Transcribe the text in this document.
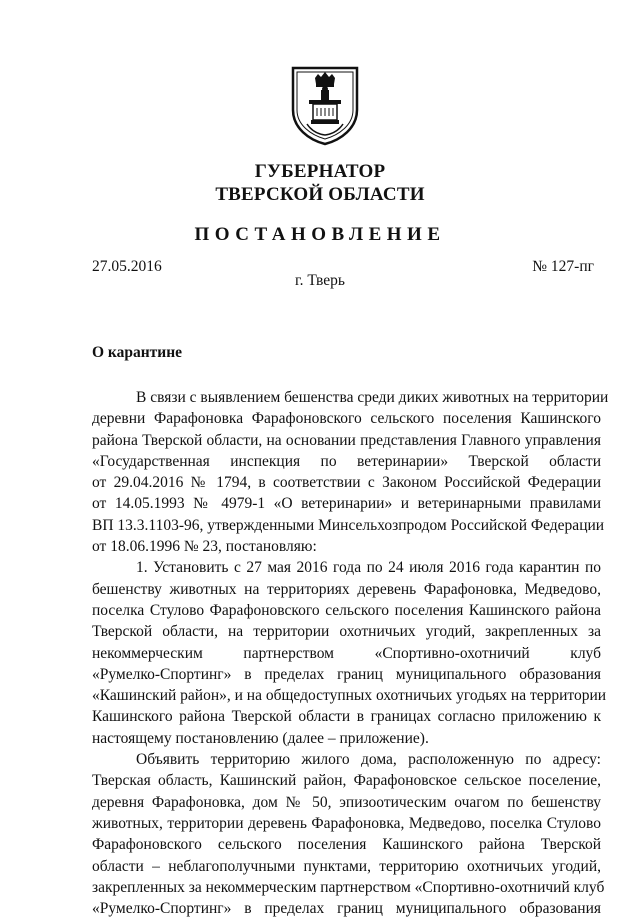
ГУБЕРНАТОР
ТВЕРСКОЙ ОБЛАСТИ
ПОСТАНОВЛЕНИЕ
27.05.2016	№ 127-пг
г. Тверь
О карантине
В связи с выявлением бешенства среди диких животных на территории
деревни Фарафоновка Фарафоновского сельского поселения Кашинского
района Тверской области, на основании представления Главного управления
«Государственная инспекция по ветеринарии» Тверской области
от 29.04.2016 № 1794, в соответствии с Законом Российской Федерации
от 14.05.1993 № 4979-1 «О ветеринарии» и ветеринарными правилами
ВП 13.3.1103-96, утвержденными Минсельхозпродом Российской Федерации
от 18.06.1996 № 23, постановляю:
1. Установить с 27 мая 2016 года по 24 июля 2016 года карантин по
бешенству животных на территориях деревень Фарафоновка, Медведово,
поселка Стулово Фарафоновского сельского поселения Кашинского района
Тверской области, на территории охотничьих угодий, закрепленных за
некоммерческим партнерством «Спортивно-охотничий клуб
«Румелко-Спортинг» в пределах границ муниципального образования
«Кашинский район», и на общедоступных охотничьих угодьях на территории
Кашинского района Тверской области в границах согласно приложению к
настоящему постановлению (далее – приложение).
Объявить территорию жилого дома, расположенную по адресу:
Тверская область, Кашинский район, Фарафоновское сельское поселение,
деревня Фарафоновка, дом № 50, эпизоотическим очагом по бешенству
животных, территории деревень Фарафоновка, Медведово, поселка Стулово
Фарафоновского сельского поселения Кашинского района Тверской
области – неблагополучными пунктами, территорию охотничьих угодий,
закрепленных за некоммерческим партнерством «Спортивно-охотничий клуб
«Румелко-Спортинг» в пределах границ муниципального образования
